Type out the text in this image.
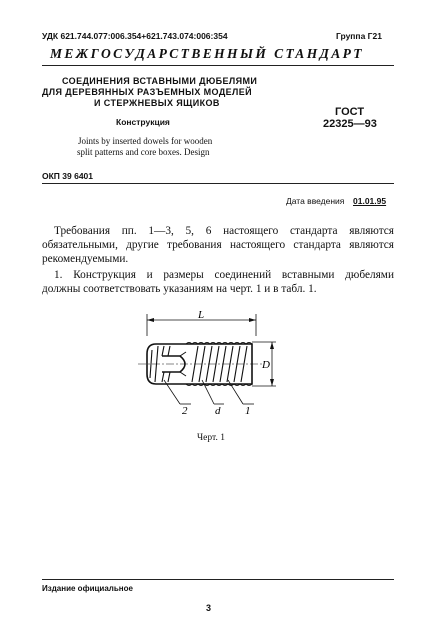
УДК 621.744.077:006.354+621.743.074:006:354	Группа Г21
МЕЖГОСУДАРСТВЕННЫЙ СТАНДАРТ
СОЕДИНЕНИЯ ВСТАВНЫМИ ДЮБЕЛЯМИ
ДЛЯ ДЕРЕВЯННЫХ РАЗЪЕМНЫХ МОДЕЛЕЙ
И СТЕРЖНЕВЫХ ЯЩИКОВ
Конструкция
Joints by inserted dowels for wooden
split patterns and core boxes. Design
ГОСТ
22325—93
ОКП 39 6401
Дата введения 01.01.95
Требования пп. 1—3, 5, 6 настоящего стандарта являются
обязательными, другие требования настоящего стандарта являются
рекомендуемыми.
1. Конструкция и размеры соединений вставными дюбелями
должны соответствовать указаниям на черт. 1 и в табл. 1.
L
D
2	d 1
Черт. 1
Издание официальное
3
